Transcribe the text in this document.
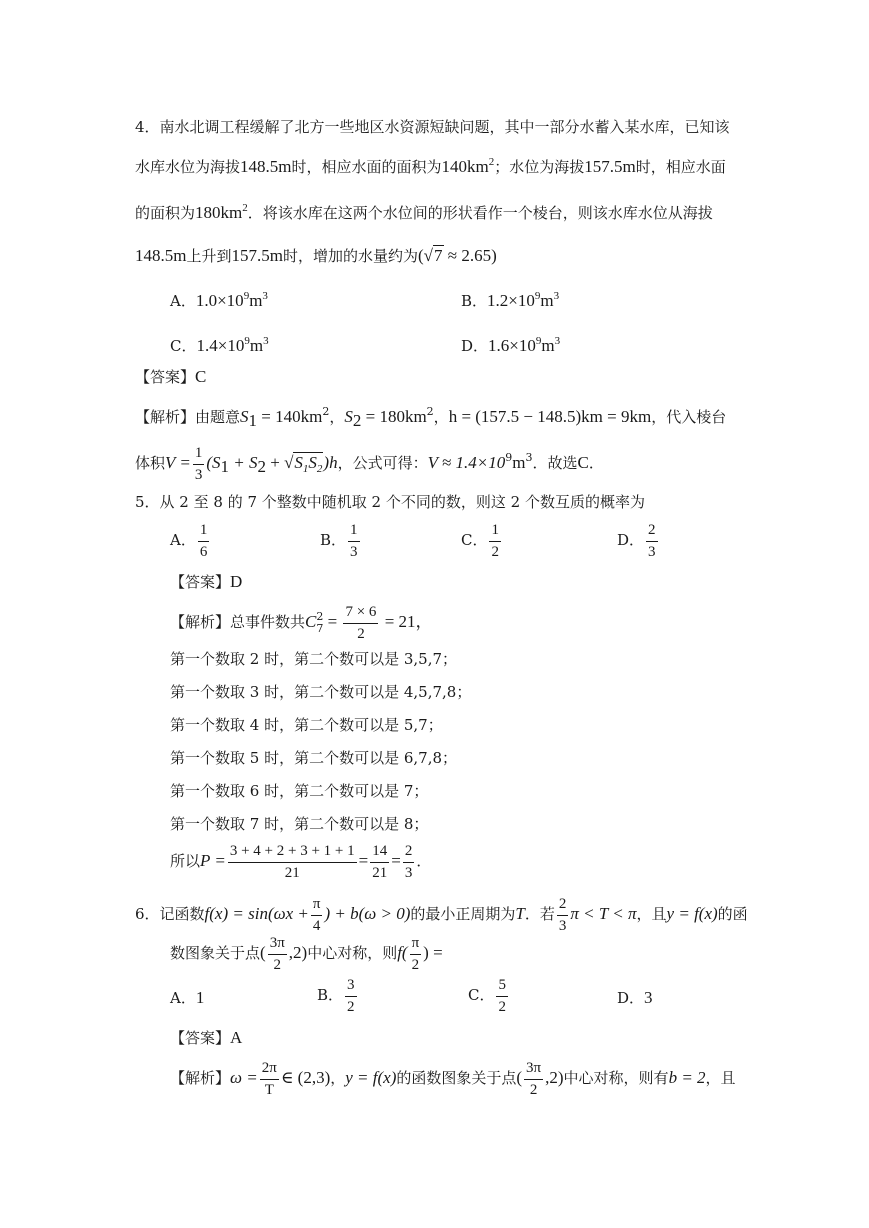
4．南水北调工程缓解了北方一些地区水资源短缺问题，其中一部分水蓄入某水库，已知该
水库水位为海拔148.5m时，相应水面的面积为$140km^2$；水位为海拔157.5m时，相应水面
的面积为$180km^2$．将该水库在这两个水位间的形状看作一个棱台，则该水库水位从海拔
148.5m上升到157.5m时，增加的水量约为(√7 ≈ 2.65)
A．$1.0\times 10^9m^3$	B．$1.2\times 10^9m^3$
C．$1.4\times 10^9m^3$	D．$1.6\times 10^9m^3$
【答案】C
【解析】由题意$S_1 = 140km^2$，$S_2 = 180km^2$，h = (157.5 − 148.5)km = 9km，代入棱台
体积$V = \frac{1}{3} (S_1 + S_2 + √S_1S_2)h$，公式可得：$V \approx 1.4\times 10^9m^3$．故选C．
5．从 2 至 8 的 7 个整数中随机取 2 个不同的数，则这 2 个数互质的概率为
A． $\frac{1}{6}$	B． $\frac{1}{3}$	C． $\frac{1}{2}$	D． $\frac{2}{3}$
【答案】D
【解析】总事件数共C 2
$7 = \frac{7 \times 6}{2} = 21$，
第一个数取 2 时，第二个数可以是 3,5,7；
第一个数取 3 时，第二个数可以是 4,5,7,8；
第一个数取 4 时，第二个数可以是 5,7；
第一个数取 5 时，第二个数可以是 6,7,8；
第一个数取 6 时，第二个数可以是 7；
第一个数取 7 时，第二个数可以是 8；
所以$P = \frac{3 + 4 + 2 + 3 + 1 + 1}{21} = \frac{14}{21} = \frac{2}{3}$ ．
6．记函数$f(x) = \sin(\omega x + \frac{\pi}{4}$ ) + b(ω > 0)的最小正周期为T．若 $\frac{2}{3}$ π < T < π，且y = f(x)的函
数图象关于点( $\frac{3\pi}{2} ,2$)中心对称，则$f( \frac{\pi}{2}$ ) =
A．1	B． $\frac{3}{2}$	C． $\frac{5}{2}$	D．3
【答案】A
【解析】$\omega = \frac{2\pi}{T}$ ∈ (2,3)，y = f(x)的函数图象关于点( $\frac{3\pi}{2} ,2$)中心对称，则有b = 2，且
